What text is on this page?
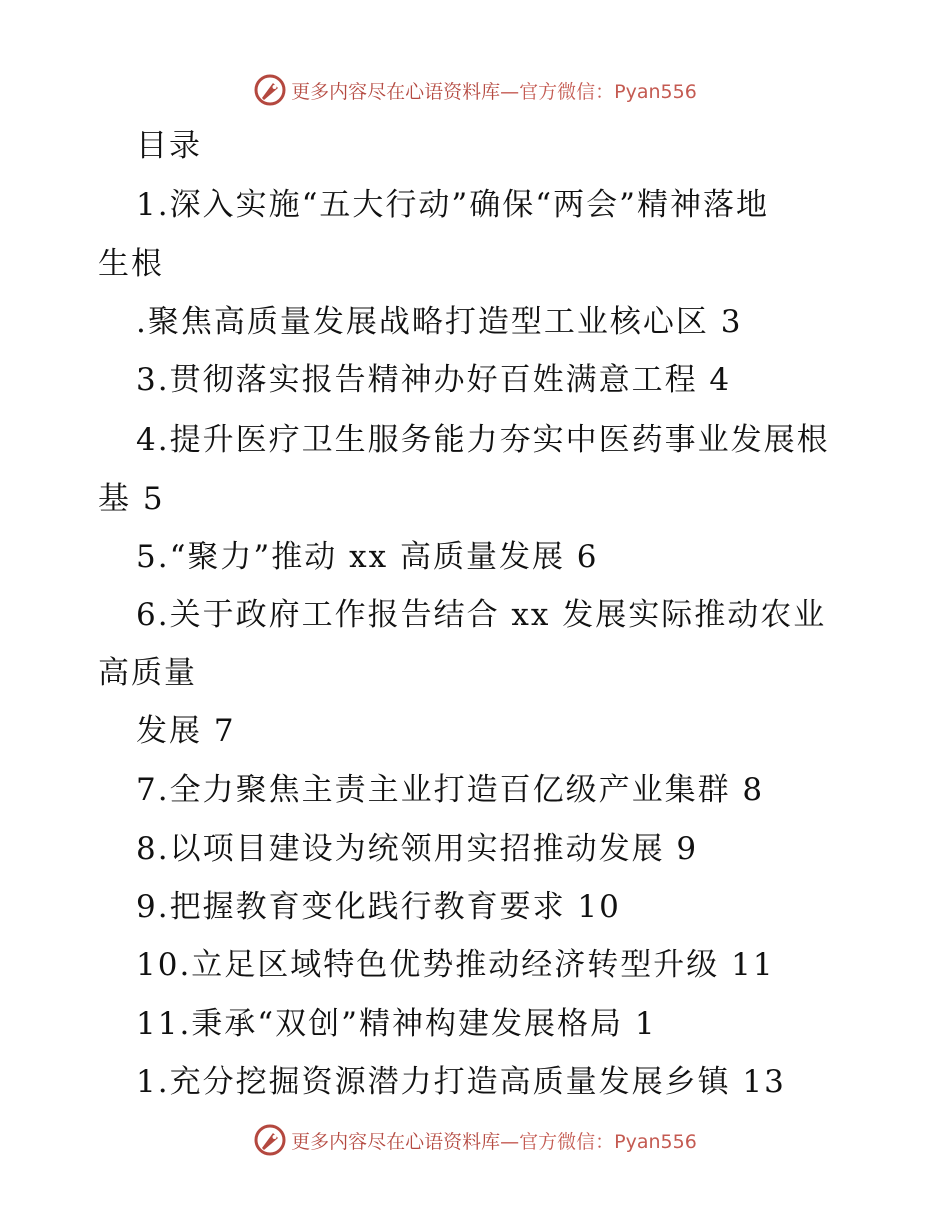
更多内容尽在心语资料库 —官方微信：Pyan556
目录
1.深入实施“五大行动”确保“两会”精神落地
生根
.聚焦高质量发展战略打造型工业核心区 3
3.贯彻落实报告精神办好百姓满意工程 4
4.提升医疗卫生服务能力夯实中医药事业发展根
基 5
5.“聚力”推动 xx 高质量发展 6
6.关于政府工作报告结合 xx 发展实际推动农业
高质量
发展 7
7.全力聚焦主责主业打造百亿级产业集群 8
8.以项目建设为统领用实招推动发展 9
9.把握教育变化践行教育要求 10
10.立足区域特色优势推动经济转型升级 11
11.秉承“双创”精神构建发展格局 1
1.充分挖掘资源潜力打造高质量发展乡镇 13
更多内容尽在心语资料库 —官方微信：Pyan556
